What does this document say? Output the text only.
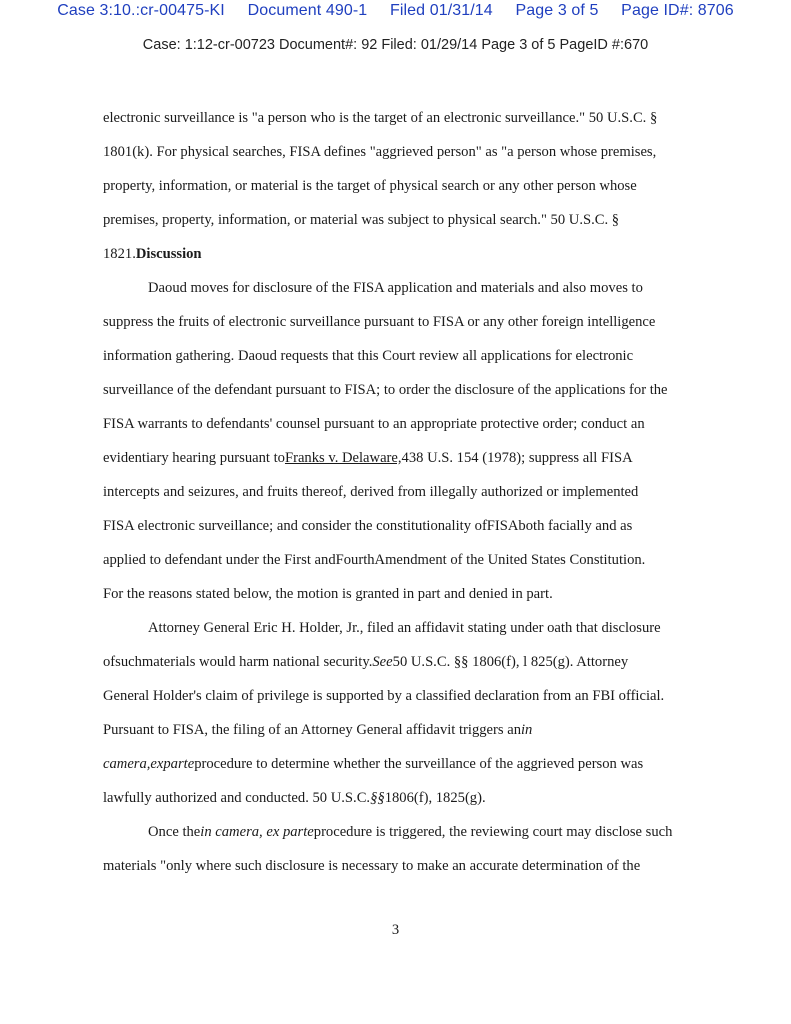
Case 3:10.:cr-00475-KI     Document 490-1     Filed 01/31/14     Page 3 of 5     Page ID#: 8706
Case: 1:12-cr-00723 Document#: 92 Filed: 01/29/14 Page 3 of 5 PageID #:670
electronic surveillance is "a person who is the target of an electronic surveillance." 50 U.S.C. §
1801(k). For physical searches, FISA defines "aggrieved person" as "a person whose premises,
property, information, or material is the target of physical search or any other person whose
premises, property, information, or material was subject to physical search." 50 U.S.C. §
1821.Discussion
Daoud moves for disclosure of the FISA application and materials and also moves to
suppress the fruits of electronic surveillance pursuant to FISA or any other foreign intelligence
information gathering. Daoud requests that this Court review all applications for electronic
surveillance of the defendant pursuant to FISA; to order the disclosure of the applications for the
FISA warrants to defendants' counsel pursuant to an appropriate protective order; conduct an
evidentiary hearing pursuant toFranks v. Delaware,438 U.S. 154 (1978); suppress all FISA
intercepts and seizures, and fruits thereof, derived from illegally authorized or implemented
FISA electronic surveillance; and consider the constitutionality ofFISAboth facially and as
applied to defendant under the First andFourthAmendment of the United States Constitution.
For the reasons stated below, the motion is granted in part and denied in part.
Attorney General Eric H. Holder, Jr., filed an affidavit stating under oath that disclosure
ofsuchmaterials would harm national security.See50 U.S.C. §§ 1806(f), l 825(g). Attorney
General Holder's claim of privilege is supported by a classified declaration from an FBI official.
Pursuant to FISA, the filing of an Attorney General affidavit triggers anin
camera,exparteprocedure to determine whether the surveillance of the aggrieved person was
lawfully authorized and conducted. 50 U.S.C.§§1806(f), 1825(g).
Once thein camera, ex parteprocedure is triggered, the reviewing court may disclose such
materials "only where such disclosure is necessary to make an accurate determination of the
3
